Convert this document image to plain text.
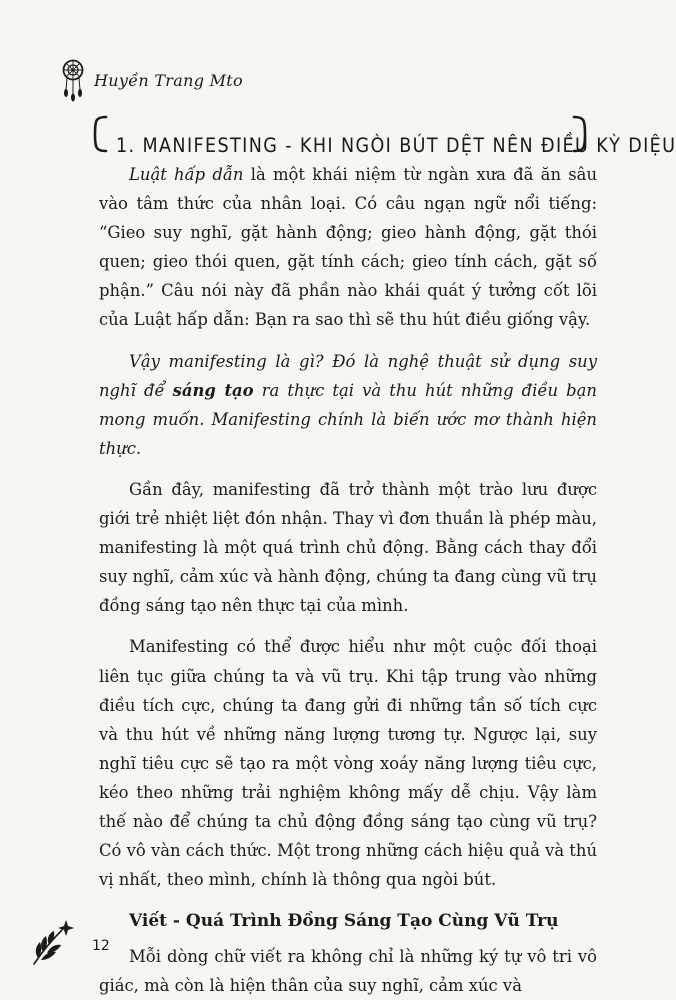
Huyền Trang Mto
1. MANIFESTING - KHI NGÒI BÚT DỆT NÊN ĐIỀU KỲ DIỆU

Luật hấp dẫn là một khái niệm từ ngàn xưa đã ăn sâu vào tâm thức của nhân loại. Có câu ngạn ngữ nổi tiếng: “Gieo suy nghĩ, gặt hành động; gieo hành động, gặt thói quen; gieo thói quen, gặt tính cách; gieo tính cách, gặt số phận.” Câu nói này đã phần nào khái quát ý tưởng cốt lõi của Luật hấp dẫn: Bạn ra sao thì sẽ thu hút điều giống vậy.

Vậy manifesting là gì? Đó là nghệ thuật sử dụng suy nghĩ để sáng tạo ra thực tại và thu hút những điều bạn mong muốn. Manifesting chính là biến ước mơ thành hiện thực.

Gần đây, manifesting đã trở thành một trào lưu được giới trẻ nhiệt liệt đón nhận. Thay vì đơn thuần là phép màu, manifesting là một quá trình chủ động. Bằng cách thay đổi suy nghĩ, cảm xúc và hành động, chúng ta đang cùng vũ trụ đồng sáng tạo nên thực tại của mình.

Manifesting có thể được hiểu như một cuộc đối thoại liên tục giữa chúng ta và vũ trụ. Khi tập trung vào những điều tích cực, chúng ta đang gửi đi những tần số tích cực và thu hút về những năng lượng tương tự. Ngược lại, suy nghĩ tiêu cực sẽ tạo ra một vòng xoáy năng lượng tiêu cực, kéo theo những trải nghiệm không mấy dễ chịu. Vậy làm thế nào để chúng ta chủ động đồng sáng tạo cùng vũ trụ? Có vô vàn cách thức. Một trong những cách hiệu quả và thú vị nhất, theo mình, chính là thông qua ngòi bút.

Viết - Quá Trình Đồng Sáng Tạo Cùng Vũ Trụ

Mỗi dòng chữ viết ra không chỉ là những ký tự vô tri vô giác, mà còn là hiện thân của suy nghĩ, cảm xúc và

12
